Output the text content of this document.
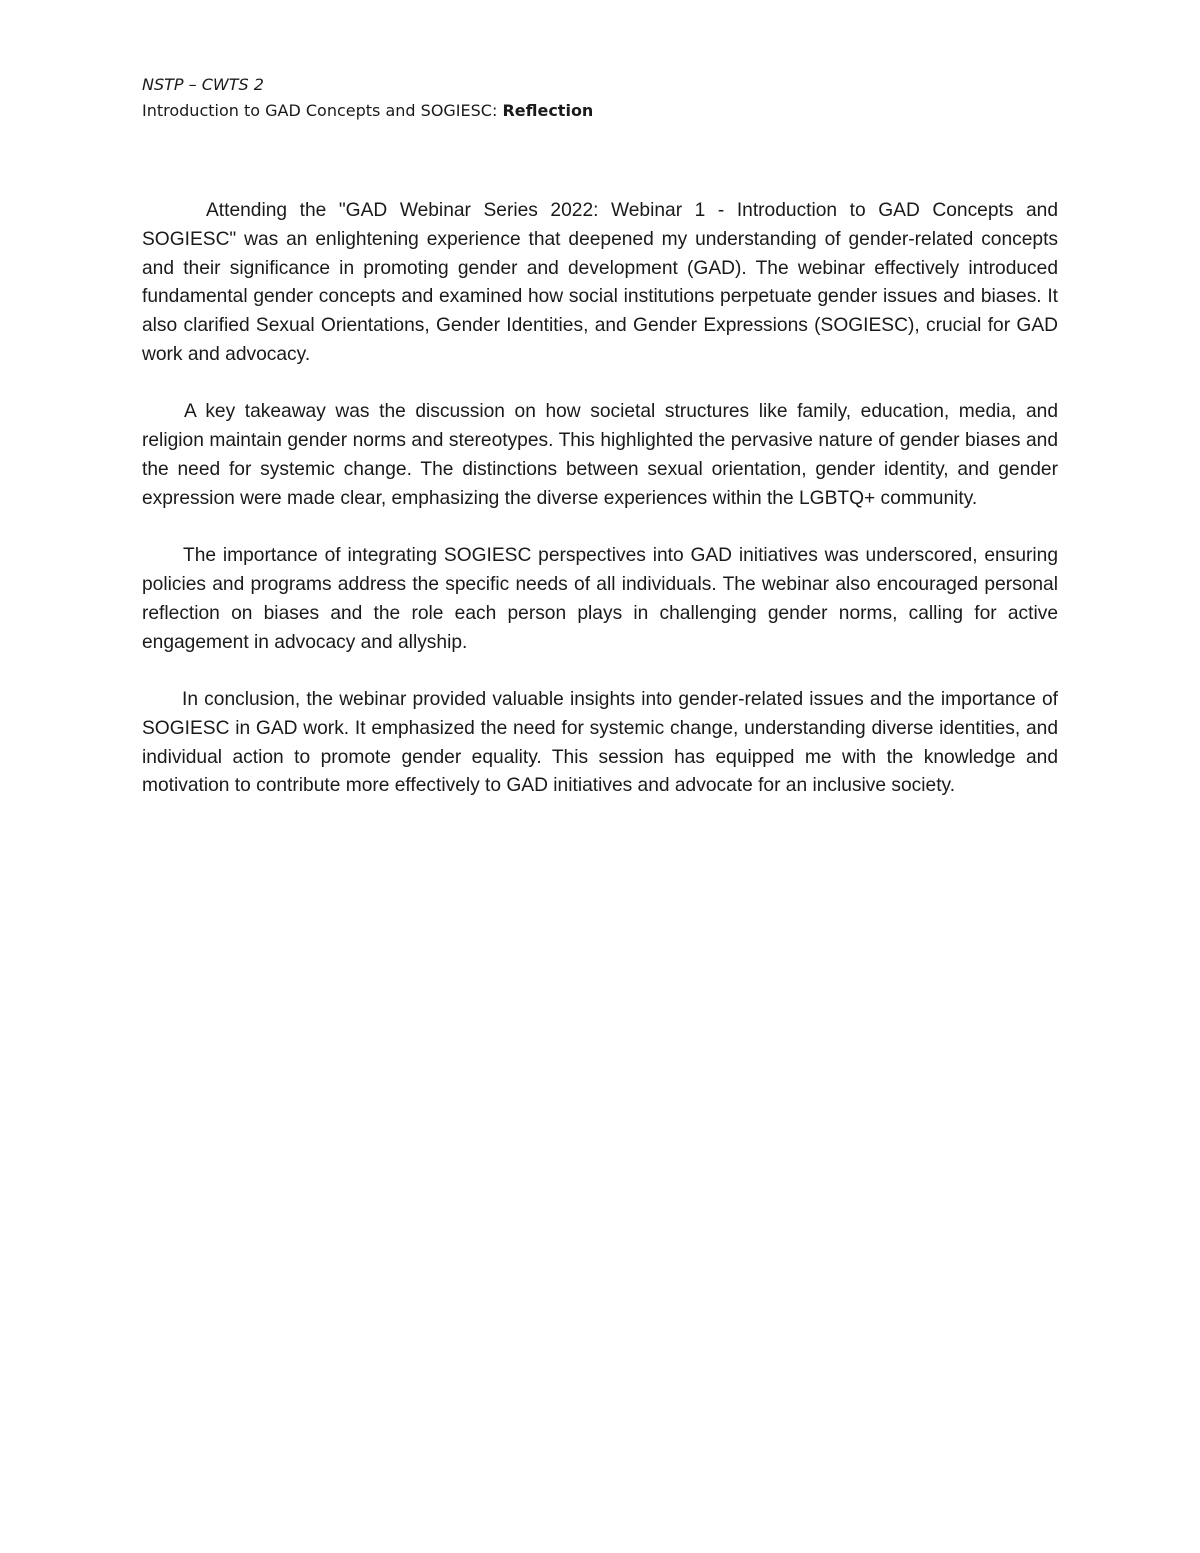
NSTP – CWTS 2

Introduction to GAD Concepts and SOGIESC: Reflection

Attending the "GAD Webinar Series 2022: Webinar 1 - Introduction to GAD Concepts and SOGIESC" was an enlightening experience that deepened my understanding of gender-related concepts and their significance in promoting gender and development (GAD). The webinar effectively introduced fundamental gender concepts and examined how social institutions perpetuate gender issues and biases. It also clarified Sexual Orientations, Gender Identities, and Gender Expressions (SOGIESC), crucial for GAD work and advocacy.

A key takeaway was the discussion on how societal structures like family, education, media, and religion maintain gender norms and stereotypes. This highlighted the pervasive nature of gender biases and the need for systemic change. The distinctions between sexual orientation, gender identity, and gender expression were made clear, emphasizing the diverse experiences within the LGBTQ+ community.

The importance of integrating SOGIESC perspectives into GAD initiatives was underscored, ensuring policies and programs address the specific needs of all individuals. The webinar also encouraged personal reflection on biases and the role each person plays in challenging gender norms, calling for active engagement in advocacy and allyship.

In conclusion, the webinar provided valuable insights into gender-related issues and the importance of SOGIESC in GAD work. It emphasized the need for systemic change, understanding diverse identities, and individual action to promote gender equality. This session has equipped me with the knowledge and motivation to contribute more effectively to GAD initiatives and advocate for an inclusive society.
